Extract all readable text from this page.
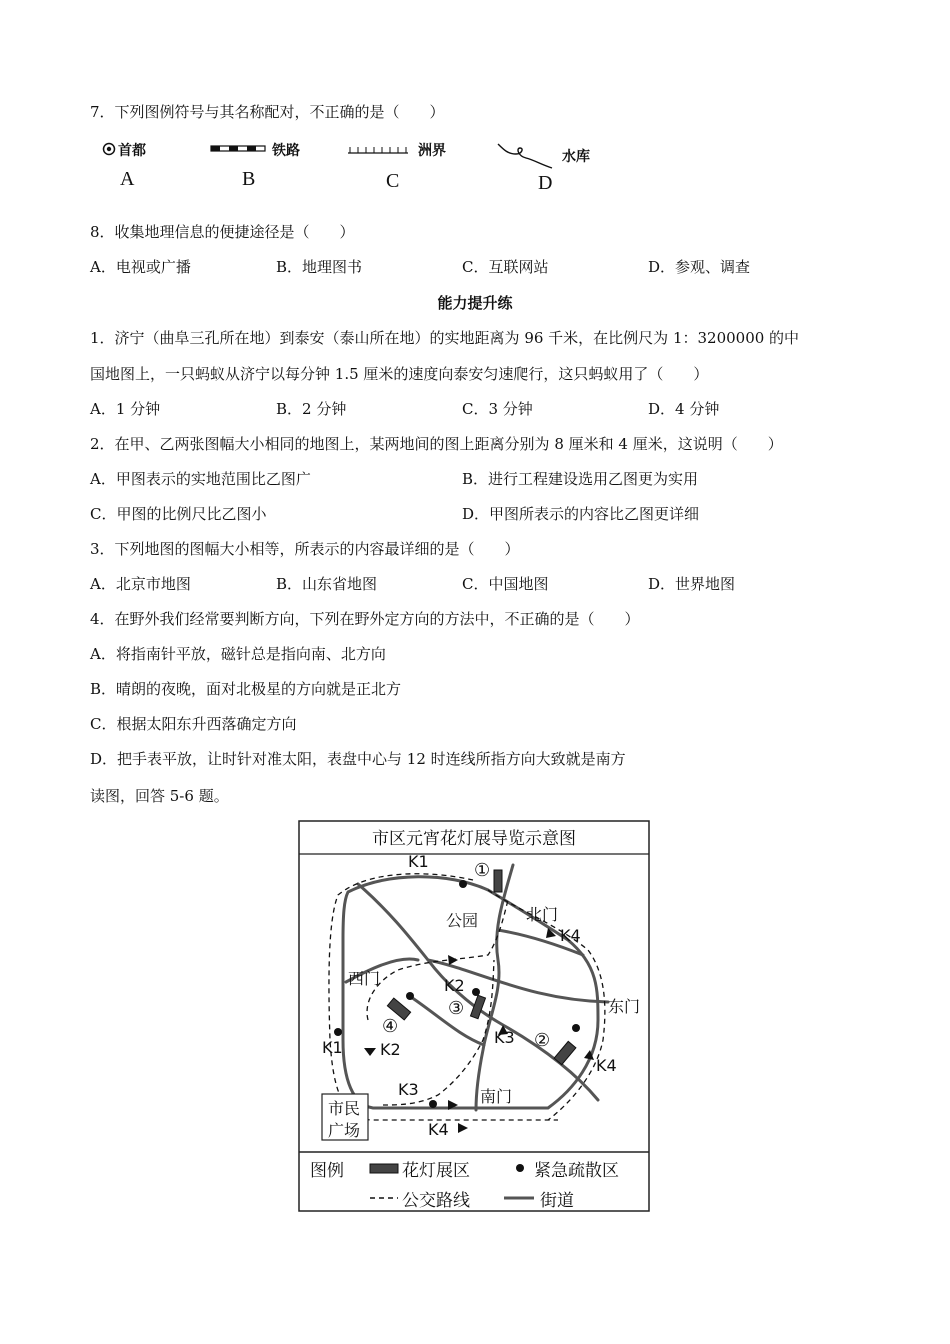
7．下列图例符号与其名称配对，不正确的是（　　）
首都
A
铁路
B
洲界
C
水库
D
8．收集地理信息的便捷途径是（　　）
A．电视或广播	B．地理图书	C．互联网站	D．参观、调查
能力提升练
1．济宁（曲阜三孔所在地）到泰安（泰山所在地）的实地距离为 96 千米，在比例尺为 1：3200000 的中
国地图上，一只蚂蚁从济宁以每分钟 1.5 厘米的速度向泰安匀速爬行，这只蚂蚁用了（　　）
A．1 分钟	B．2 分钟	C．3 分钟	D．4 分钟
2．在甲、乙两张图幅大小相同的地图上，某两地间的图上距离分别为 8 厘米和 4 厘米，这说明（　　）
A．甲图表示的实地范围比乙图广	B．进行工程建设选用乙图更为实用
C．甲图的比例尺比乙图小	D．甲图所表示的内容比乙图更详细
3．下列地图的图幅大小相等，所表示的内容最详细的是（　　）
A．北京市地图	B．山东省地图	C．中国地图	D．世界地图
4．在野外我们经常要判断方向，下列在野外定方向的方法中，不正确的是（　　）
A．将指南针平放，磁针总是指向南、北方向
B．晴朗的夜晚，面对北极星的方向就是正北方
C．根据太阳东升西落确定方向
D．把手表平放，让时针对准太阳，表盘中心与 12 时连线所指方向大致就是南方
读图，回答 5-6 题。
市区元宵花灯展导览示意图
K1	①
公园	北门
K4
西门	K2
③	东门
④
K3 ②
K1 K2
K4
K3	南门
市民
广场	K4
图例	花灯展区	紧急疏散区
公交路线	街道
